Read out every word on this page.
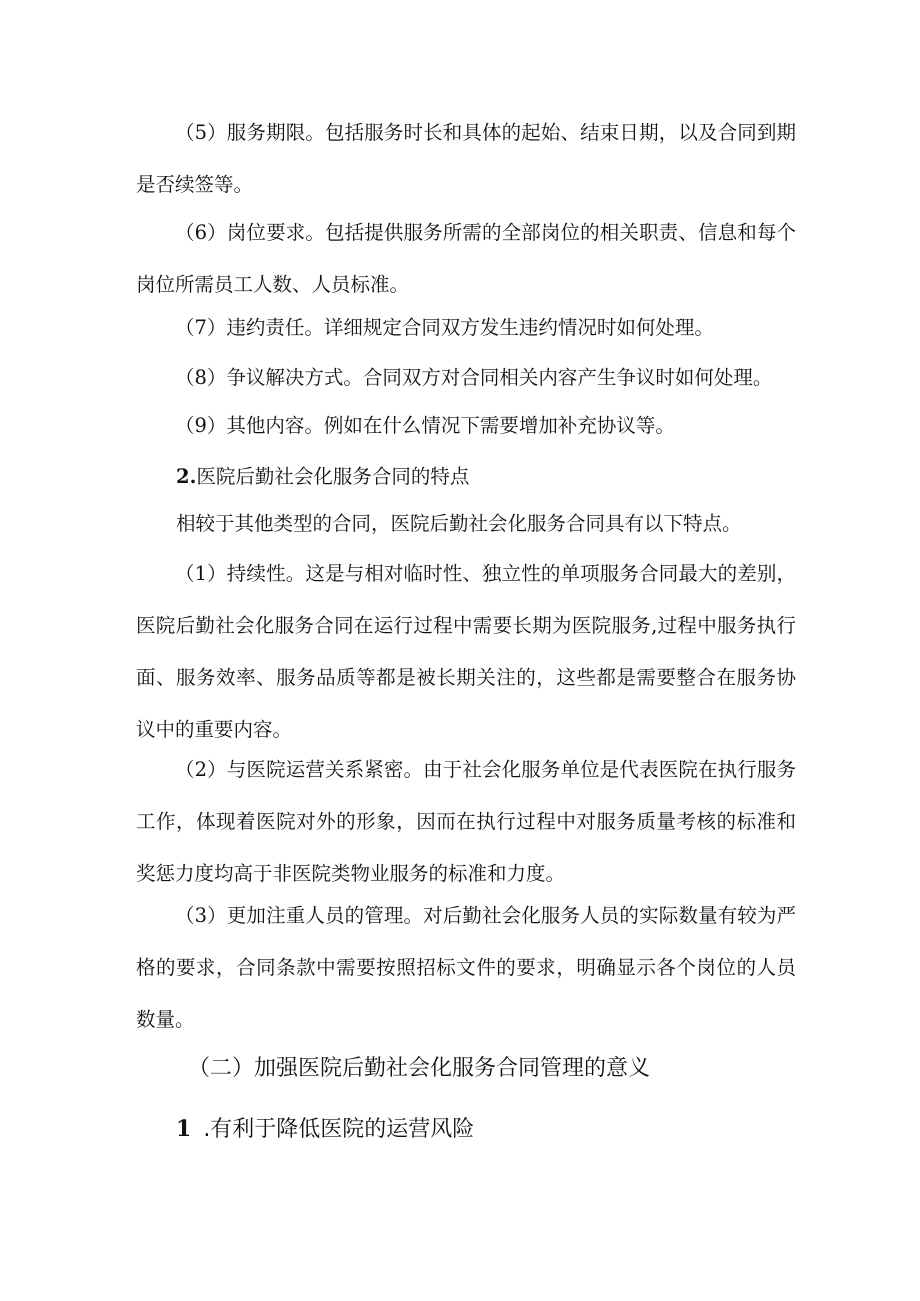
（5）服务期限。包括服务时长和具体的起始、结束日期，以及合同到期是否续签等。

（6）岗位要求。包括提供服务所需的全部岗位的相关职责、信息和每个岗位所需员工人数、人员标准。

（7）违约责任。详细规定合同双方发生违约情况时如何处理。

（8）争议解决方式。合同双方对合同相关内容产生争议时如何处理。

（9）其他内容。例如在什么情况下需要增加补充协议等。

2.医院后勤社会化服务合同的特点

相较于其他类型的合同，医院后勤社会化服务合同具有以下特点。

（1）持续性。这是与相对临时性、独立性的单项服务合同最大的差别，医院后勤社会化服务合同在运行过程中需要长期为医院服务,过程中服务执行面、服务效率、服务品质等都是被长期关注的，这些都是需要整合在服务协议中的重要内容。

（2）与医院运营关系紧密。由于社会化服务单位是代表医院在执行服务工作，体现着医院对外的形象，因而在执行过程中对服务质量考核的标准和奖惩力度均高于非医院类物业服务的标准和力度。

（3）更加注重人员的管理。对后勤社会化服务人员的实际数量有较为严格的要求，合同条款中需要按照招标文件的要求，明确显示各个岗位的人员数量。

（二）加强医院后勤社会化服务合同管理的意义
1 .有利于降低医院的运营风险
